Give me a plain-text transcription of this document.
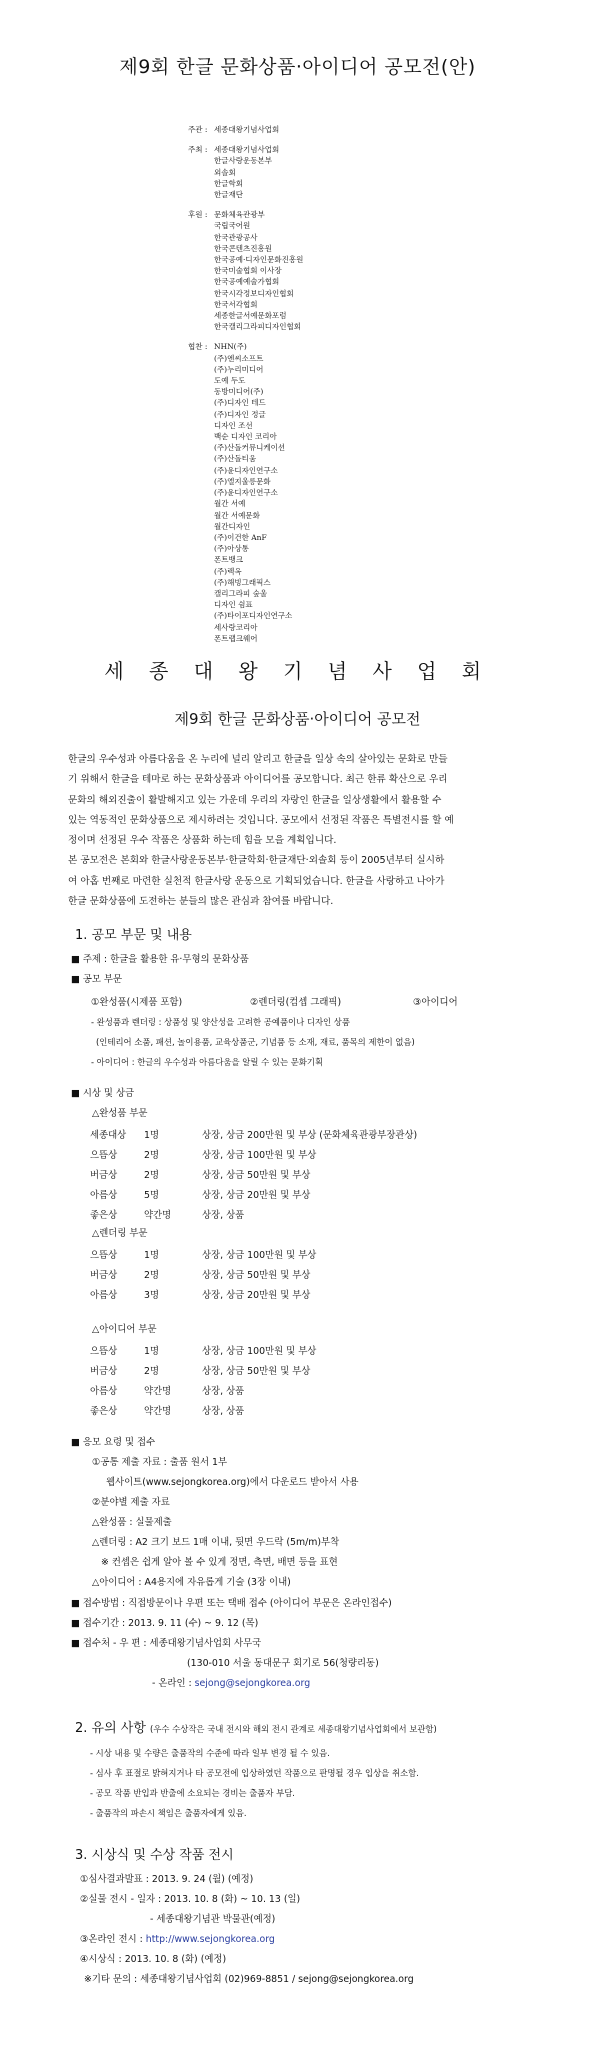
제9회 한글 문화상품·아이디어 공모전(안)
주관 : 세종대왕기념사업회
주최 : 세종대왕기념사업회
한글사랑운동본부
외솔회
한글학회
한글재단
후원 : 문화체육관광부
국립국어원
한국관광공사
한국콘텐츠진흥원
한국공예·디자인문화진흥원
한국미술협회 이사장
한국공예예술가협회
한국시각정보디자인협회
한국서각협회
세종한글서예문화포럼
한국캘리그라피디자인협회
협찬 : NHN(주)
(주)엔씨소프트
(주)누리미디어
도예 두도
동방미디어(주)
(주)디자인 테드
(주)디자인 정글
디자인 조선
백순 디자인 코리아
(주)산돌커뮤니케이션
(주)산돌티움
(주)윤디자인연구소
(주)엘지울릉문화
(주)윤디자인연구소
월간 서예
월간 서예문화
월간디자인
(주)이건한 AnF
(주)아상통
폰트뱅크
(주)렉옥
(주)해빙그래픽스
캘리그라피 숲울
디자인 쉼표
(주)타이포디자인연구소
세사랑코리아
폰트랩크웨어
세 종 대 왕 기 념 사 업 회
제9회 한글 문화상품·아이디어 공모전
한글의 우수성과 아름다움을 온 누리에 널리 알리고 한글을 일상 속의 살아있는 문화로 만들
기 위해서 한글을 테마로 하는 문화상품과 아이디어를 공모합니다. 최근 한류 확산으로 우리
문화의 해외진출이 활발해지고 있는 가운데 우리의 자랑인 한글을 일상생활에서 활용할 수
있는 역동적인 문화상품으로 제시하려는 것입니다. 공모에서 선정된 작품은 특별전시를 할 예
정이며 선정된 우수 작품은 상품화 하는데 힘을 모을 계획입니다.
본 공모전은 본회와 한글사랑운동본부·한글학회·한글재단·외솔회 등이 2005년부터 실시하
여 아홉 번째로 마련한 실천적 한글사랑 운동으로 기획되었습니다. 한글을 사랑하고 나아가
한글 문화상품에 도전하는 분들의 많은 관심과 참여를 바랍니다.
1. 공모 부문 및 내용
■ 주제 : 한글을 활용한 유·무형의 문화상품
■ 공모 부문
①완성품(시제품 포함)	②렌더링(컴셉 그래픽)	③아이디어
- 완성품과 렌더링 : 상품성 및 양산성을 고려한 공예품이나 디자인 상품
(인테리어 소품, 패션, 놀이용품, 교육상품군, 기념품 등 소재, 재료, 품목의 제한이 없음)
- 아이디어 : 한글의 우수성과 아름다움을 알릴 수 있는 문화기획
■ 시상 및 상금
△완성품 부문
세종대상	1명	상장, 상금 200만원 및 부상 (문화체육관광부장관상)
으뜸상	2명	상장, 상금 100만원 및 부상
버금상	2명	상장, 상금 50만원 및 부상
아름상	5명	상장, 상금 20만원 및 부상
좋은상	약간명	상장, 상품
△렌더링 부문
으뜸상	1명	상장, 상금 100만원 및 부상
버금상	2명	상장, 상금 50만원 및 부상
아름상	3명	상장, 상금 20만원 및 부상
△아이디어 부문
으뜸상	1명	상장, 상금 100만원 및 부상
버금상	2명	상장, 상금 50만원 및 부상
아름상	약간명	상장, 상품
좋은상	약간명	상장, 상품
■ 응모 요령 및 접수
①공통 제출 자료 : 출품 원서 1부
웹사이트(www.sejongkorea.org)에서 다운로드 받아서 사용
②분야별 제출 자료
△완성품 : 실물제출
△렌더링 : A2 크기 보드 1매 이내, 뒷면 우드락 (5m/m)부착
※ 컨셉은 쉽게 알아 볼 수 있게 정면, 측면, 배면 등을 표현
△아이디어 : A4용지에 자유롭게 기술 (3장 이내)
■ 접수방법 : 직접방문이나 우편 또는 택배 접수 (아이디어 부문은 온라인접수)
■ 접수기간 : 2013. 9. 11 (수) ~ 9. 12 (목)
■ 접수처 - 우 편 : 세종대왕기념사업회 사무국
(130-010 서울 동대문구 회기로 56(청량리동)
- 온라인 : sejong@sejongkorea.org
2. 유의 사항 (우수 수상작은 국내 전시와 해외 전시 관계로 세종대왕기념사업회에서 보관함)
- 시상 내용 및 수량은 출품작의 수준에 따라 일부 변경 될 수 있음.
- 심사 후 표절로 밝혀지거나 타 공모전에 입상하였던 작품으로 판명될 경우 입상을 취소함.
- 공모 작품 반입과 반출에 소요되는 경비는 출품자 부담.
- 출품작의 파손시 책임은 출품자에게 있음.
3. 시상식 및 수상 작품 전시
①심사결과발표 : 2013. 9. 24 (월) (예정)
②실물 전시 - 일자 : 2013. 10. 8 (화) ~ 10. 13 (일)
- 세종대왕기념관 박물관(예정)
③온라인 전시 : http://www.sejongkorea.org
④시상식 : 2013. 10. 8 (화) (예정)
※기타 문의 : 세종대왕기념사업회 (02)969-8851 / sejong@sejongkorea.org
